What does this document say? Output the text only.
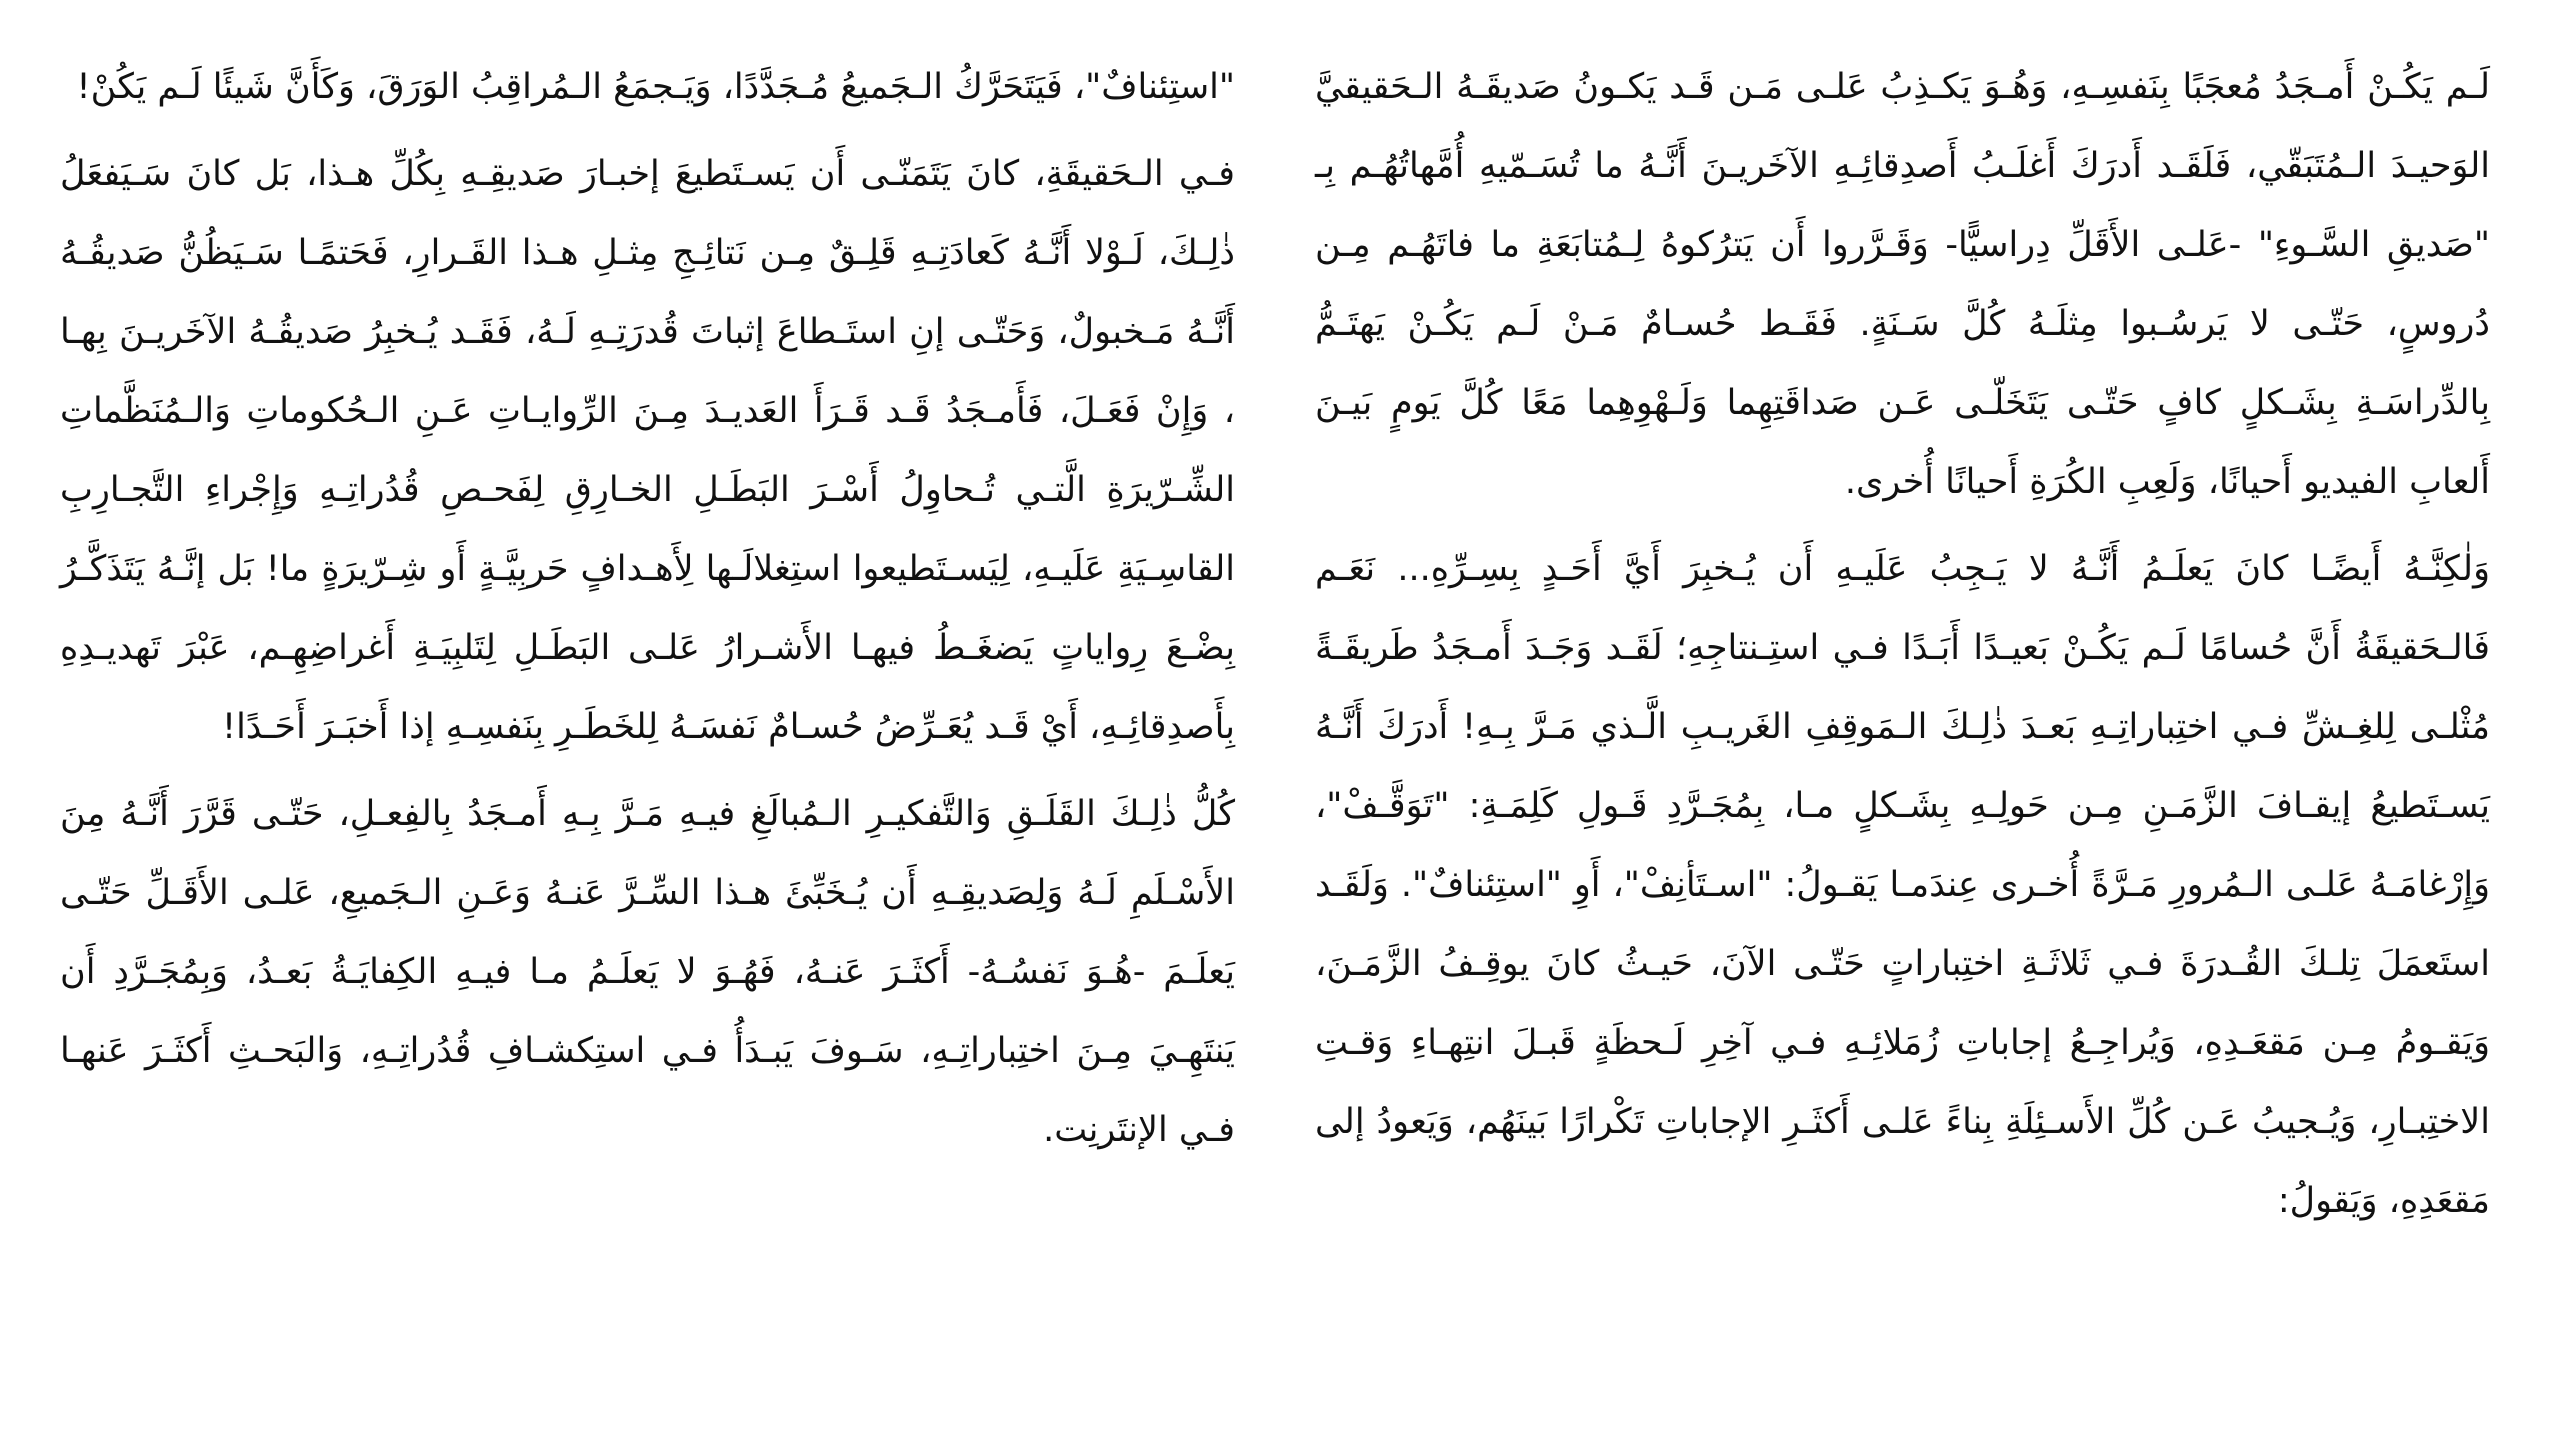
لَـم يَكُـنْ أَمـجَدُ مُعجَبًا بِنَفسِـهِ، وَهُـوَ يَكـذِبُ عَلـى مَـن قَـد يَكـونُ صَديقَـهُ الـحَقيقيَّ الوَحيـدَ الـمُتَبَقّي، فَلَقَـد أَدرَكَ أَغلَـبُ أَصدِقائِـهِ الآخَريـنَ أَنَّـهُ ما تُسَـمّيهِ أُمَّهاتُهُـم بِـ "صَديقِ السَّـوءِ" -عَلـى الأَقَلِّ دِراسيًّا- وَقَـرَّروا أَن يَترُكوهُ لِـمُتابَعَةِ ما فاتَهُـم مِـن دُروسٍ، حَتّـى لا يَرسُـبوا مِثلَـهُ كُلَّ سَـنَةٍ. فَقَـط حُسـامٌ مَـنْ لَـم يَكُـنْ يَهتَـمُّ بِالدِّراسَـةِ بِشَـكلٍ كافٍ حَتّـى يَتَخَلّـى عَـن صَداقَتِهِما وَلَـهْوِهِما مَعًا كُلَّ يَومٍ بَيـنَ أَلعابِ الفيديو أَحيانًا، وَلَعِبِ الكُرَةِ أَحيانًا أُخرى.

وَلٰكِنَّـهُ أَيضًـا كانَ يَعلَـمُ أَنَّـهُ لا يَـجِبُ عَلَيـهِ أَن يُـخبِرَ أَيَّ أَحَـدٍ بِسِـرِّهِ... نَعَـم فَالـحَقيقَةُ أَنَّ حُسامًا لَـم يَكُـنْ بَعيـدًا أَبَـدًا فـي استِـنتاجِهِ؛ لَقَـد وَجَـدَ أَمـجَدُ طَريقَـةً مُثْلـى لِلغِـشِّ فـي اختِباراتِـهِ بَعـدَ ذٰلِـكَ الـمَوقِفِ الغَريـبِ الَّـذي مَـرَّ بِـهِ! أَدرَكَ أَنَّـهُ يَسـتَطيعُ إيقـافَ الزَّمَـنِ مِـن حَولِـهِ بِشَـكلٍ مـا، بِمُجَـرَّدِ قَـولِ كَلِمَـةِ: "تَوَقَّـفْ"، وَإِرْغامَـهُ عَلـى الـمُرورِ مَـرَّةً أُخـرى عِندَمـا يَقـولُ: "اسـتَأنِفْ"، أَوِ "استِئنافٌ". وَلَقَـد استَعمَلَ تِلـكَ القُـدرَةَ فـي ثَلاثَـةِ اختِباراتٍ حَتّـى الآنَ، حَيـثُ كانَ يوقِـفُ الزَّمَـنَ، وَيَقـومُ مِـن مَقعَـدِهِ، وَيُراجِـعُ إجاباتِ زُمَلائِـهِ فـي آخِرِ لَـحظَةٍ قَبـلَ انتِهـاءِ وَقـتِ الاختِبـارِ، وَيُـجيبُ عَـن كُلِّ الأَسـئِلَةِ بِناءً عَلـى أَكثَـرِ الإجاباتِ تَكْرارًا بَينَهُم، وَيَعودُ إلى مَقعَدِهِ، وَيَقولُ:

"استِئنافٌ"، فَيَتَحَرَّكُ الـجَميعُ مُـجَدَّدًا، وَيَـجمَعُ الـمُراقِبُ الوَرَقَ، وَكَأَنَّ شَيئًا لَـم يَكُنْ!

فـي الـحَقيقَةِ، كانَ يَتَمَنّـى أَن يَسـتَطيعَ إخبـارَ صَديقِـهِ بِكُلِّ هـذا، بَل كانَ سَـيَفعَلُ ذٰلِـكَ، لَـوْلا أَنَّـهُ كَعادَتِـهِ قَلِـقٌ مِـن نَتائِـجِ مِثـلِ هـذا القَـرارِ، فَحَتمًـا سَـيَظُنُّ صَديقُـهُ أَنَّـهُ مَـخبولٌ، وَحَتّـى إنِ استَـطاعَ إثباتَ قُدرَتِـهِ لَـهُ، فَقَـد يُـخبِرُ صَديقُـهُ الآخَريـنَ بِهـا ، وَإِنْ فَعَـلَ، فَأَمـجَدُ قَـد قَـرَأَ العَديـدَ مِـنَ الرِّوايـاتِ عَـنِ الـحُكوماتِ وَالـمُنَظَّماتِ الشِّـرّيرَةِ الَّتـي تُـحاوِلُ أَسْـرَ البَطَـلِ الخـارِقِ لِفَحـصِ قُدُراتِـهِ وَإِجْراءِ التَّجـارِبِ القاسِـيَةِ عَلَيـهِ، لِيَسـتَطيعوا استِغلالَـها لِأَهـدافٍ حَربِيَّـةٍ أَو شِـرّيرَةٍ ما! بَل إنَّـهُ يَتَذَكَّـرُ بِضْـعَ رِواياتٍ يَضغَـطُ فيهـا الأَشـرارُ عَلـى البَطَـلِ لِتَلبِيَـةِ أَغراضِهِـم، عَبْرَ تَهديـدِهِ بِأَصدِقائِـهِ، أَيْ قَـد يُعَـرِّضُ حُسـامٌ نَفسَـهُ لِلخَطَـرِ بِنَفسِـهِ إذا أَخبَـرَ أَحَـدًا!

كُلُّ ذٰلِـكَ القَلَـقِ وَالتَّفكيـرِ الـمُبالَغِ فيـهِ مَـرَّ بِـهِ أَمـجَدُ بِالفِعـلِ، حَتّـى قَرَّرَ أَنَّـهُ مِنَ الأَسْـلَمِ لَـهُ وَلِصَديقِـهِ أَن يُـخَبِّئَ هـذا السِّـرَّ عَنـهُ وَعَـنِ الـجَميعِ، عَلـى الأَقَـلِّ حَتّـى يَعلَـمَ -هُـوَ نَفسُـهُ- أَكثَـرَ عَنـهُ، فَهُـوَ لا يَعلَـمُ مـا فيـهِ الكِفايَـةُ بَعـدُ، وَبِمُجَـرَّدِ أَن يَنتَهِـيَ مِـنَ اختِباراتِـهِ، سَـوفَ يَبـدَأُ فـي استِكشـافِ قُدُراتِـهِ، وَالبَحـثِ أَكثَـرَ عَنهـا فـي الإنتَرنِت.
